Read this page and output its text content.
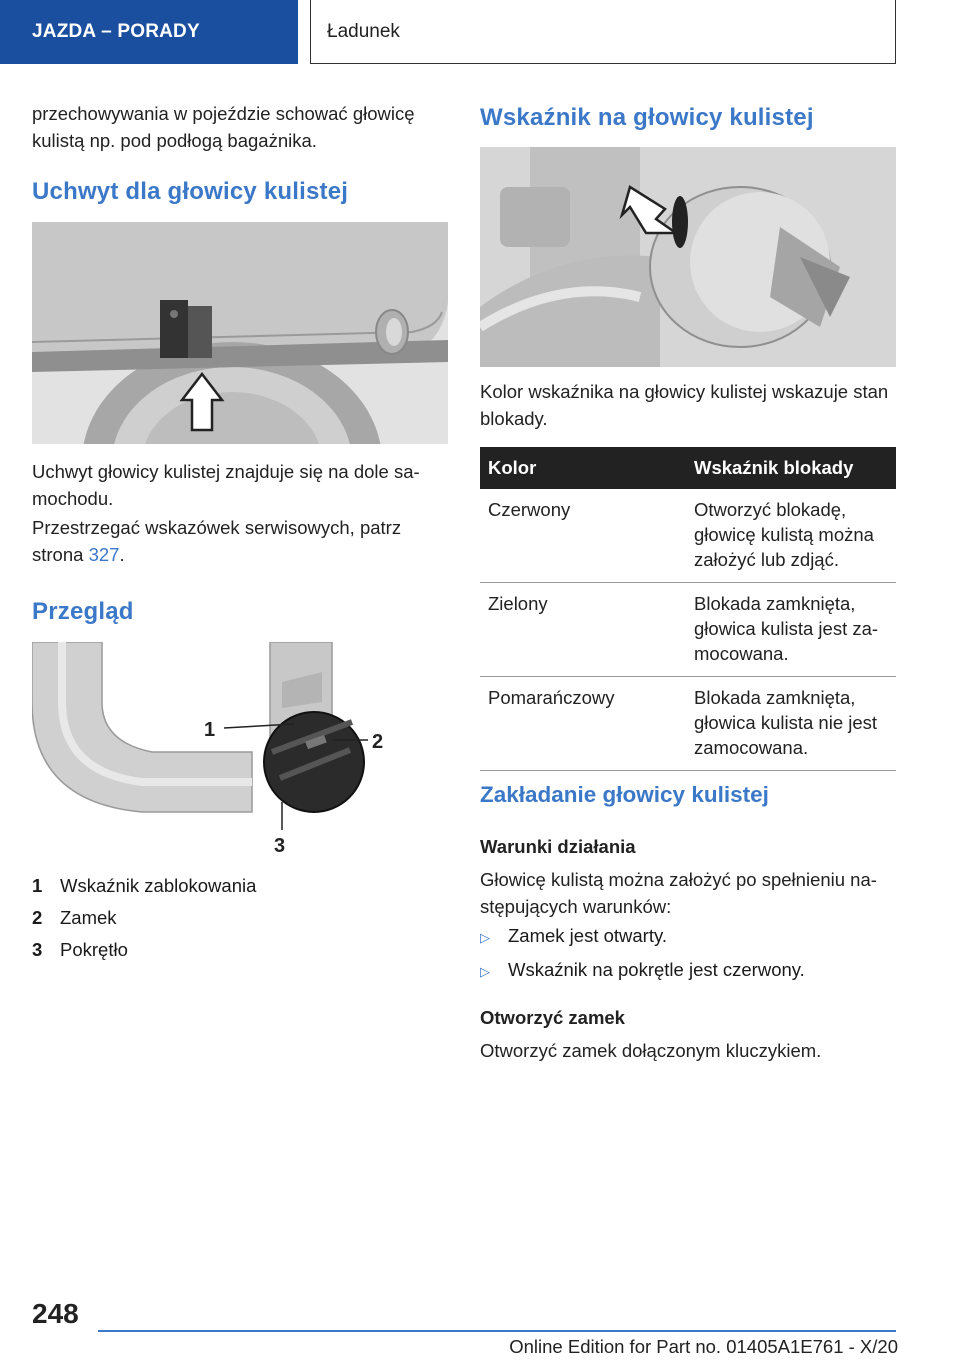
JAZDA – PORADY	Ładunek

przechowywania w pojeździe schować głowicę kulistą np. pod podłogą bagażnika.

Uchwyt dla głowicy kulistej

Uchwyt głowicy kulistej znajduje się na dole samochodu.

Przestrzegać wskazówek serwisowych, patrz strona 327.

Przegląd
1
2
3
1 Wskaźnik zablokowania
2 Zamek
3 Pokrętło
Wskaźnik na głowicy kulistej

Kolor wskaźnika na głowicy kulistej wskazuje stan blokady.

Kolor	Wskaźnik blokady
Czerwony	Otworzyć blokadę, głowicę kulistą można założyć lub zdjąć.
Zielony	Blokada zamknięta, głowica kulista jest zamocowana.
Pomarańczowy	Blokada zamknięta, głowica kulista nie jest zamocowana.
Zakładanie głowicy kulistej
Warunki działania

Głowicę kulistą można założyć po spełnieniu następujących warunków:

▷ Zamek jest otwarty.
▷ Wskaźnik na pokrętle jest czerwony.
Otworzyć zamek

Otworzyć zamek dołączonym kluczykiem.

248
Online Edition for Part no. 01405A1E761 - X/20
